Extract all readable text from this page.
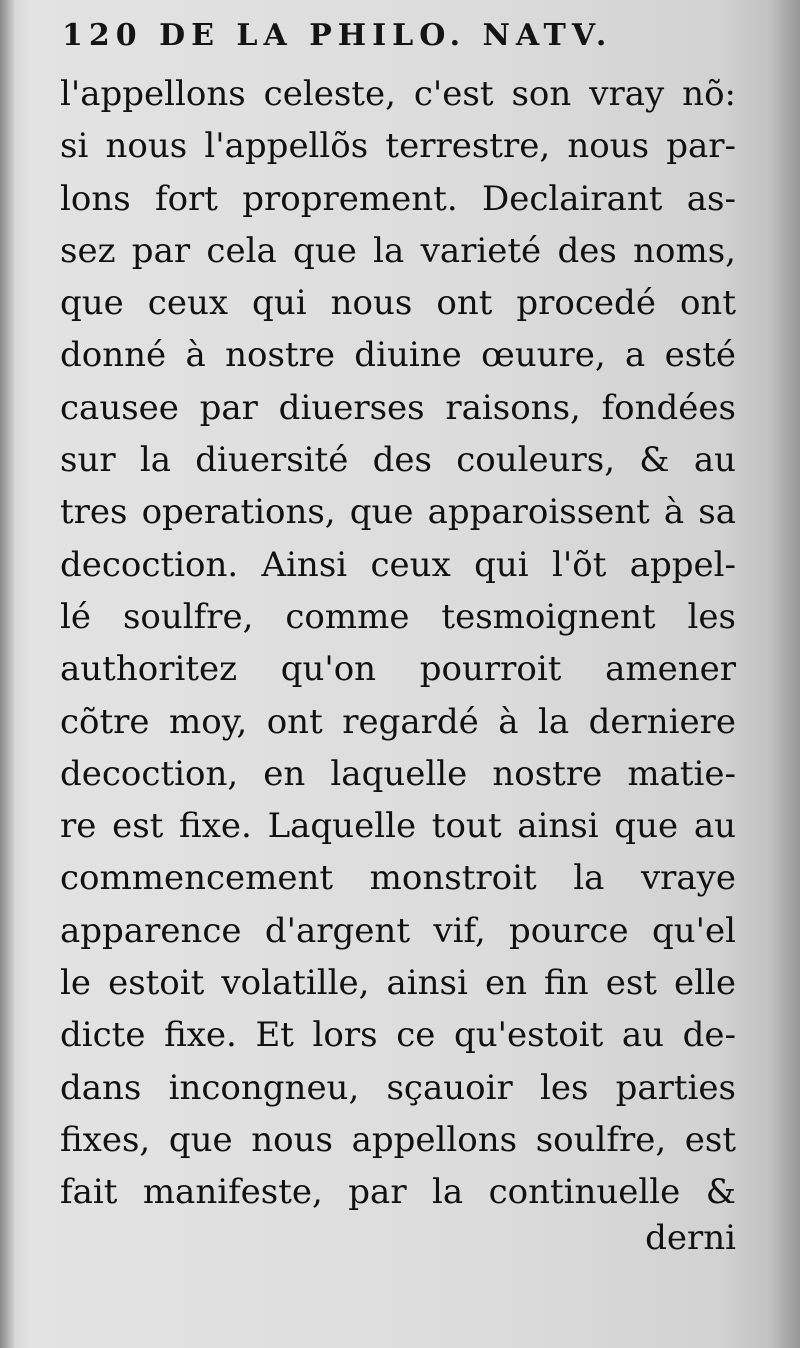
120 DE LA PHILO. NATV.
l'appellons celeste, c'est son vray nõ:
si nous l'appellõs terrestre, nous par-
lons fort proprement. Declairant as-
sez par cela que la varieté des noms,
que ceux qui nous ont procedé ont
donné à nostre diuine œuure, a esté
causee par diuerses raisons, fondées
sur la diuersité des couleurs, & au
tres operations, que apparoissent à sa
decoction. Ainsi ceux qui l'õt appel-
lé soulfre, comme tesmoignent les
authoritez qu'on pourroit amener
cõtre moy, ont regardé à la derniere
decoction, en laquelle nostre matie-
re est fixe. Laquelle tout ainsi que au
commencement monstroit la vraye
apparence d'argent vif, pource qu'el
le estoit volatille, ainsi en fin est elle
dicte fixe. Et lors ce qu'estoit au de-
dans incongneu, sçauoir les parties
fixes, que nous appellons soulfre, est
fait manifeste, par la continuelle &
derni
